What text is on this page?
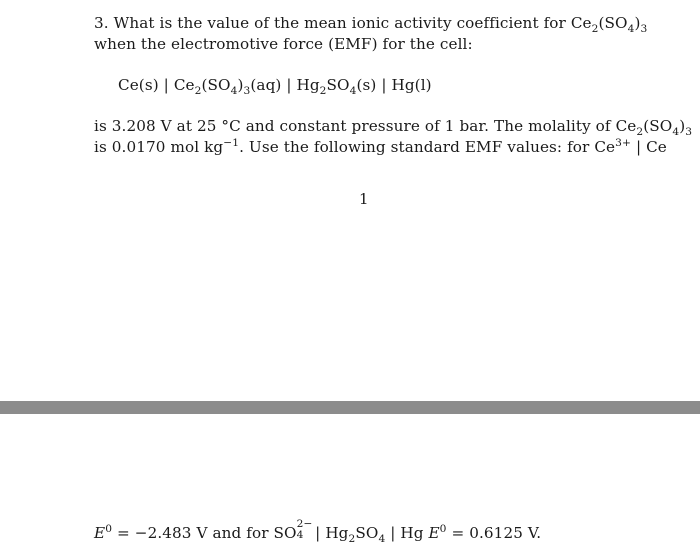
3. What is the value of the mean ionic activity coefficient for $Ce_2(SO_4)_3$
when the electromotive force (EMF) for the cell:
Ce(s) | $Ce_2(SO_4)_3(aq)$ | $Hg_2SO_4(s)$ | Hg(l)
is 3.208 V at 25 °C and constant pressure of 1 bar. The molality of $Ce_2(SO_4)_3$
is 0.0170 mol $kg^{-1}$. Use the following standard EMF values: for $Ce^{3+}$ | Ce
1
$E^0 = -2.483$ V and for SO
2−
4 | $Hg_2SO_4$ | Hg $E^0 = 0.6125$ V.
